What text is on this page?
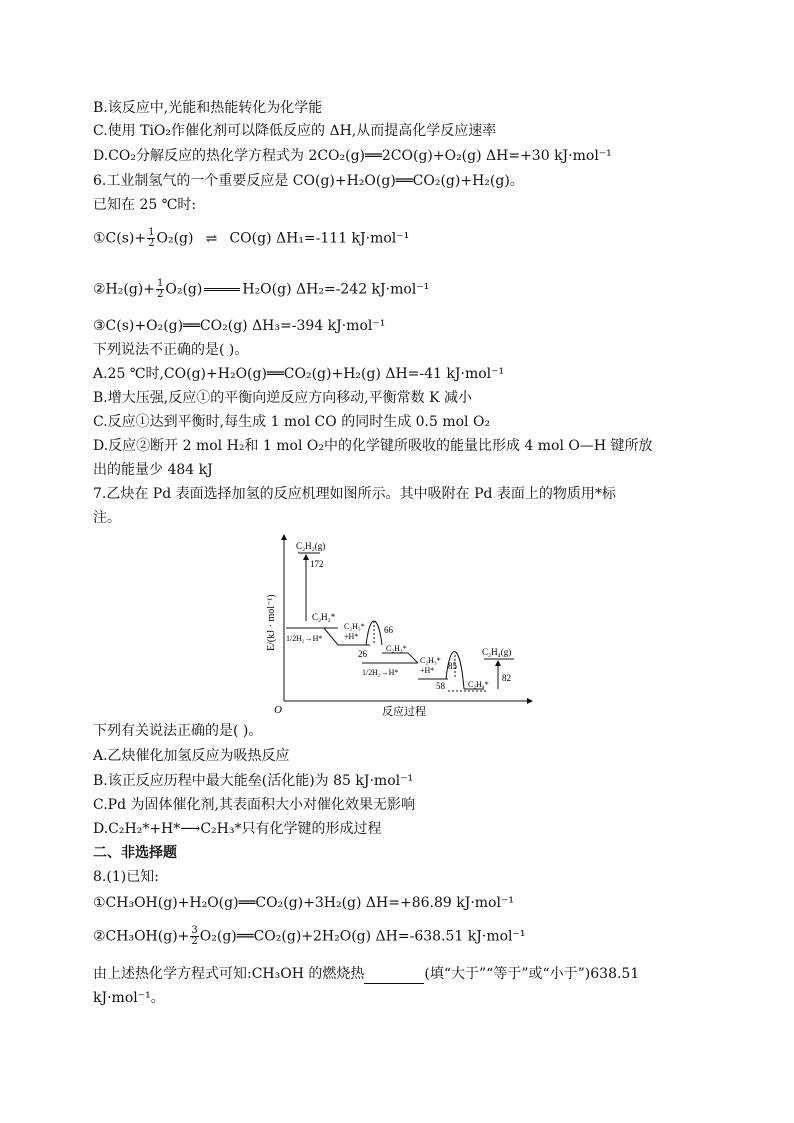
B.该反应中,光能和热能转化为化学能
C.使用 TiO₂作催化剂可以降低反应的 ΔH,从而提高化学反应速率
D.CO₂分解反应的热化学方程式为 2CO₂(g)══2CO(g)+O₂(g) ΔH=+30 kJ·mol⁻¹
6.工业制氢气的一个重要反应是 CO(g)+H₂O(g)══CO₂(g)+H₂(g)。
已知在 25 ℃时:
①C(s)+ $\frac{1}{2} O_2(g)$ ⇌ CO(g) ΔH₁=-111 kJ·mol⁻¹
②H₂(g)+ $\frac{1}{2} O_2(g)$	H₂O(g) ΔH₂=-242 kJ·mol⁻¹
③C(s)+O₂(g)══CO₂(g) ΔH₃=-394 kJ·mol⁻¹
下列说法不正确的是( )。
A.25 ℃时,CO(g)+H₂O(g)══CO₂(g)+H₂(g) ΔH=-41 kJ·mol⁻¹
B.增大压强,反应①的平衡向逆反应方向移动,平衡常数 K 减小
C.反应①达到平衡时,每生成 1 mol CO 的同时生成 0.5 mol O₂
D.反应②断开 2 mol H₂和 1 mol O₂中的化学键所吸收的能量比形成 4 mol O—H 键所放
出的能量少 484 kJ
7.乙炔在 Pd 表面选择加氢的反应机理如图所示。其中吸附在 Pd 表面上的物质用*标
注。
O	反应过程
E/(kJ · mol⁻¹)
C₂H₂(g)
172
1/2 H₂→H*
C₂H₂*
C₂H₃*
+H*
66
C₂H₃*
26
1/2 H₂→H*
C₂H₃*
+H* 85
58	C₂H₄*
C₂H₄(g)
82
下列有关说法正确的是( )。
A.乙炔催化加氢反应为吸热反应
B.该正反应历程中最大能垒(活化能)为 85 kJ·mol⁻¹
C.Pd 为固体催化剂,其表面积大小对催化效果无影响
D.C₂H₂*+H*⟶C₂H₃*只有化学键的形成过程
二、非选择题
8.(1)已知:
①CH₃OH(g)+H₂O(g)══CO₂(g)+3H₂(g) ΔH=+86.89 kJ·mol⁻¹
②CH₃OH(g)+ $\frac{3}{2}$ O₂(g)══CO₂(g)+2H₂O(g) ΔH=-638.51 kJ·mol⁻¹
由上述热化学方程式可知:CH₃OH 的燃烧热	(填“大于”“等于”或“小于”)638.51
kJ·mol⁻¹。
